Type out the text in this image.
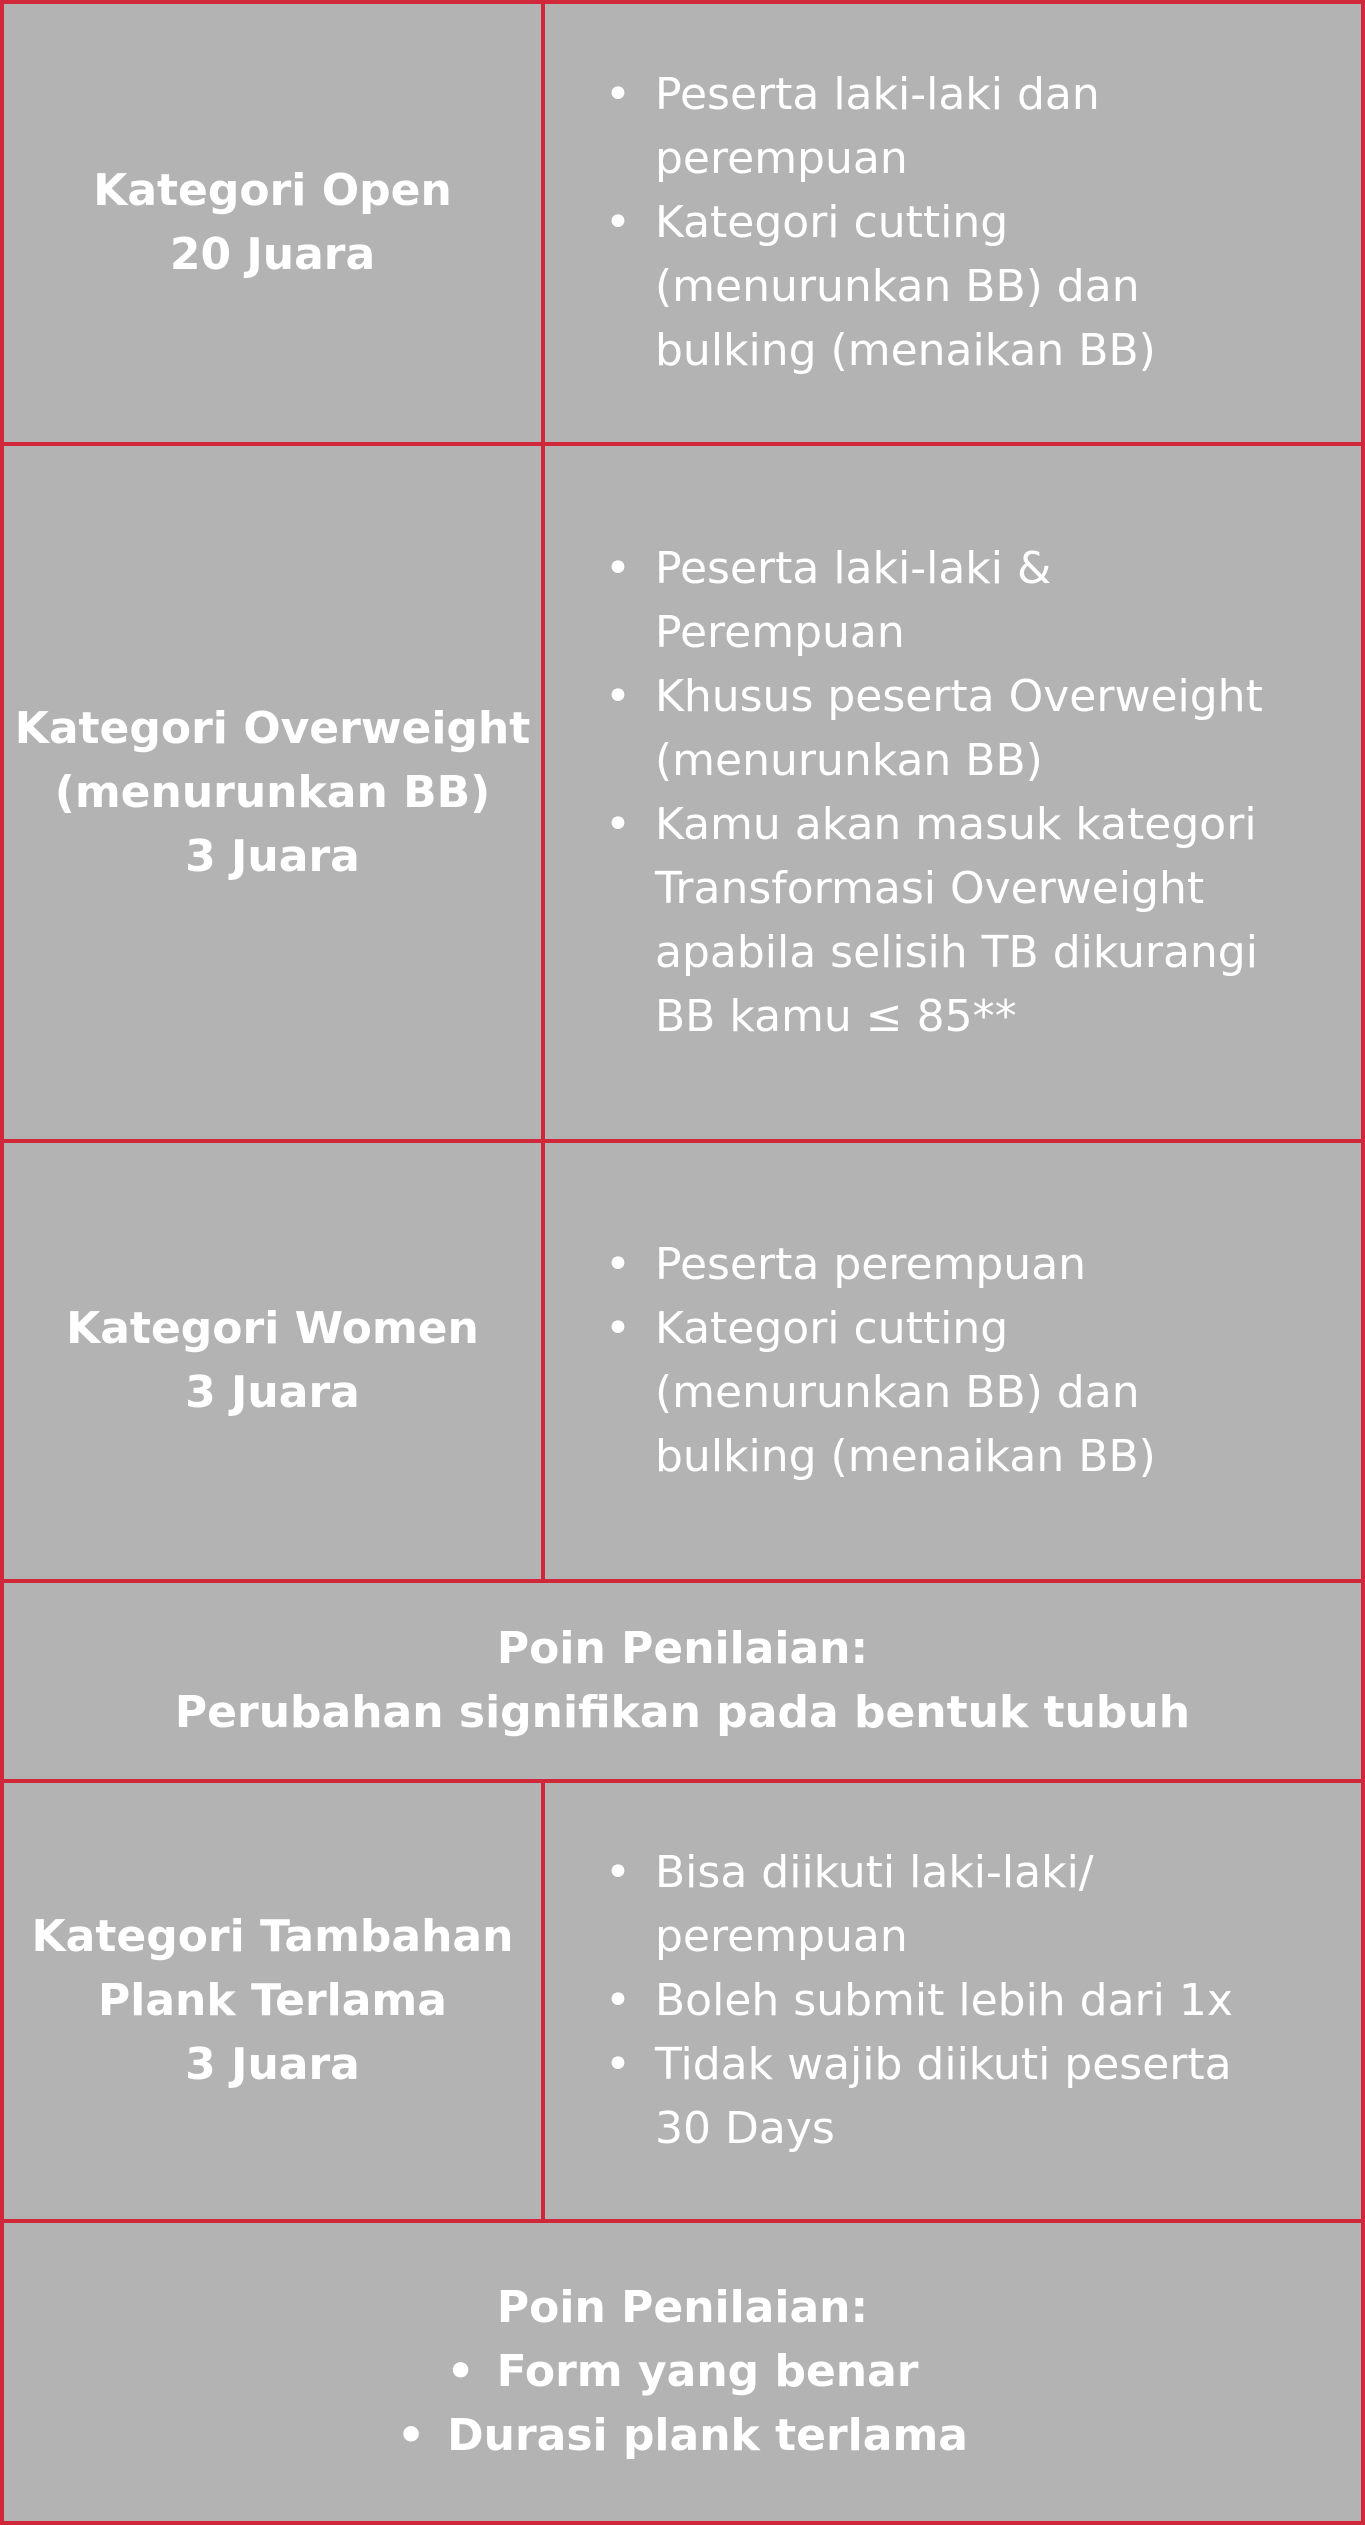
Kategori Open
20 Juara
• Peserta laki-laki dan perempuan
• Kategori cutting (menurunkan BB) dan bulking (menaikan BB)
Kategori Overweight
(menurunkan BB)
3 Juara
• Peserta laki-laki & Perempuan
• Khusus peserta Overweight (menurunkan BB)
• Kamu akan masuk kategori Transformasi Overweight apabila selisih TB dikurangi BB kamu ≤ 85**
Kategori Women
3 Juara
• Peserta perempuan
• Kategori cutting (menurunkan BB) dan bulking (menaikan BB)
Poin Penilaian:
Perubahan signifikan pada bentuk tubuh
Kategori Tambahan
Plank Terlama
3 Juara
• Bisa diikuti laki-laki/ perempuan
• Boleh submit lebih dari 1x
• Tidak wajib diikuti peserta 30 Days
Poin Penilaian:
• Form yang benar
• Durasi plank terlama
